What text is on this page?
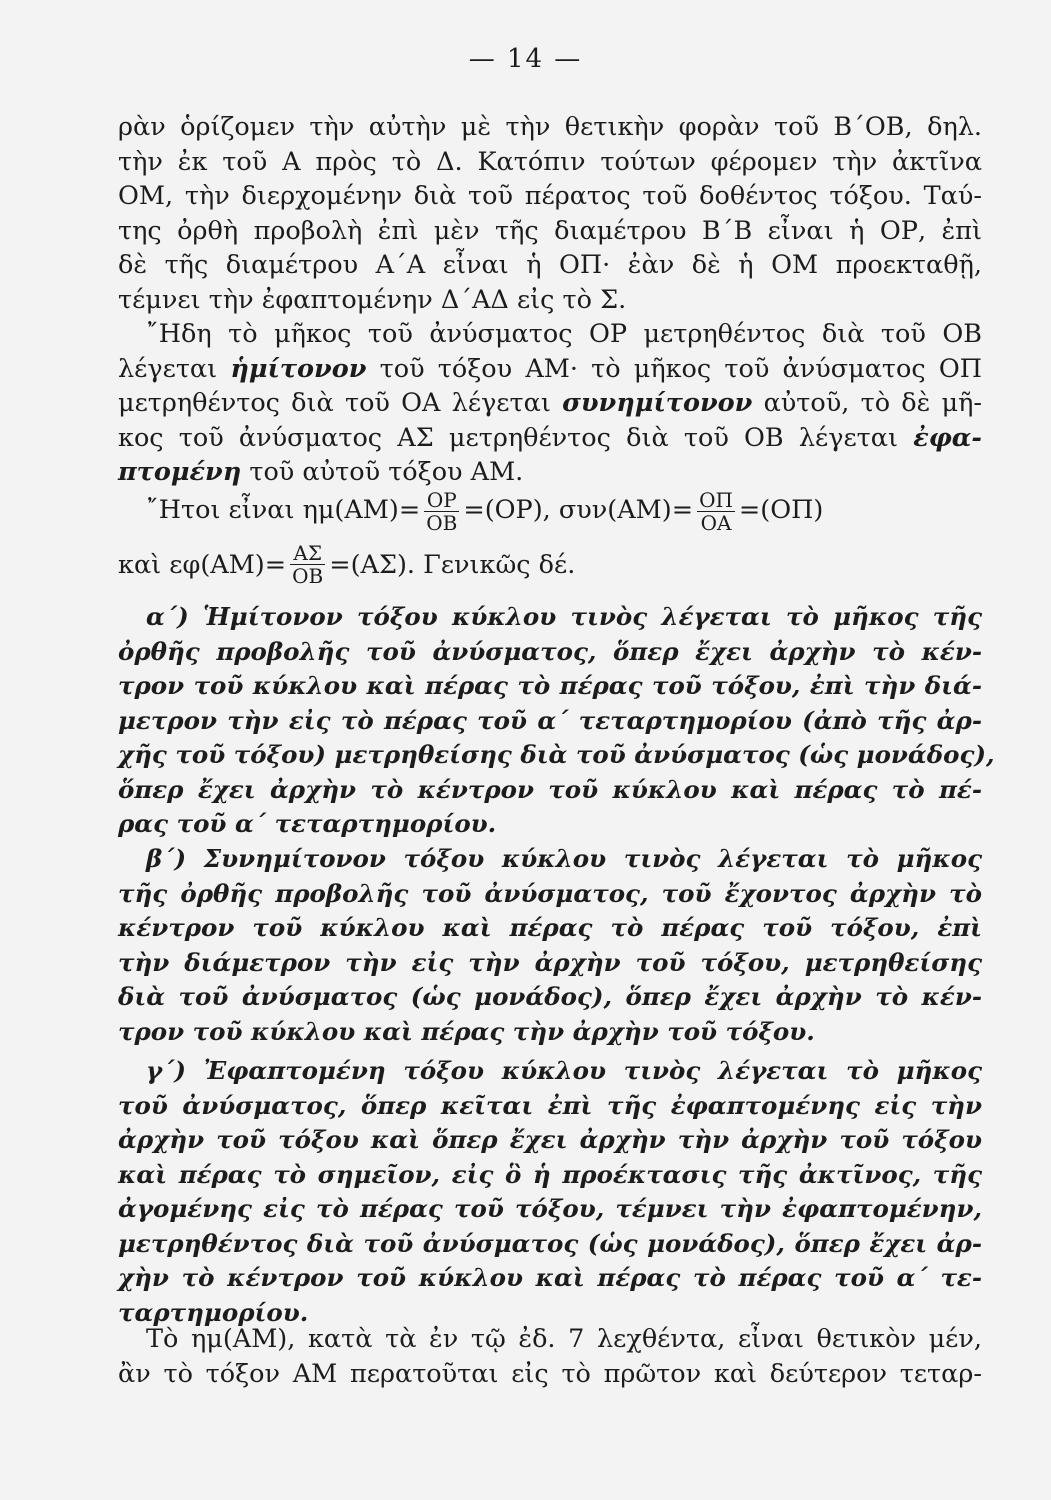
— 14 —
ρὰν ὁρίζομεν τὴν αὐτὴν μὲ τὴν θετικὴν φορὰν τοῦ Β΄ΟΒ, δηλ.
τὴν ἐκ τοῦ Α πρὸς τὸ Δ. Κατόπιν τούτων φέρομεν τὴν ἀκτῖνα
ΟΜ, τὴν διερχομένην διὰ τοῦ πέρατος τοῦ δοθέντος τόξου. Ταύ-
της ὀρθὴ προβολὴ ἐπὶ μὲν τῆς διαμέτρου Β΄Β εἶναι ἡ ΟΡ, ἐπὶ
δὲ τῆς διαμέτρου Α΄Α εἶναι ἡ ΟΠ· ἐὰν δὲ ἡ ΟΜ προεκταθῇ,
τέμνει τὴν ἐφαπτομένην Δ΄ΑΔ εἰς τὸ Σ.
῎Ηδη τὸ μῆκος τοῦ ἀνύσματος ΟΡ μετρηθέντος διὰ τοῦ ΟΒ
λέγεται ἡμίτονον τοῦ τόξου ΑΜ· τὸ μῆκος τοῦ ἀνύσματος ΟΠ
μετρηθέντος διὰ τοῦ ΟΑ λέγεται συνημίτονον αὐτοῦ, τὸ δὲ μῆ-
κος τοῦ ἀνύσματος ΑΣ μετρηθέντος διὰ τοῦ ΟΒ λέγεται ἐφα-
πτομένη τοῦ αὐτοῦ τόξου ΑΜ.
῎Ητοι εἶναι $\eta\mu(AM)= \frac{OP}{OB} =(OP)$, $\sigma\upsilon\nu(AM)= \frac{O\Pi}{OA} =(O\Pi)$
καὶ $\varepsilon\varphi(AM)= \frac{A\Sigma}{OB} =(A\Sigma)$. Γενικῶς δέ.
α΄) Ἡμίτονον τόξου κύκλου τινὸς λέγεται τὸ μῆκος τῆς
ὀρθῆς προβολῆς τοῦ ἀνύσματος, ὅπερ ἔχει ἀρχὴν τὸ κέν-
τρον τοῦ κύκλου καὶ πέρας τὸ πέρας τοῦ τόξου, ἐπὶ τὴν διά-
μετρον τὴν εἰς τὸ πέρας τοῦ α΄ τεταρτημορίου (ἀπὸ τῆς ἀρ-
χῆς τοῦ τόξου) μετρηθείσης διὰ τοῦ ἀνύσματος (ὡς μονάδος),
ὅπερ ἔχει ἀρχὴν τὸ κέντρον τοῦ κύκλου καὶ πέρας τὸ πέ-
ρας τοῦ α΄ τεταρτημορίου.
β΄) Συνημίτονον τόξου κύκλου τινὸς λέγεται τὸ μῆκος
τῆς ὀρθῆς προβολῆς τοῦ ἀνύσματος, τοῦ ἔχοντος ἀρχὴν τὸ
κέντρον τοῦ κύκλου καὶ πέρας τὸ πέρας τοῦ τόξου, ἐπὶ
τὴν διάμετρον τὴν εἰς τὴν ἀρχὴν τοῦ τόξου, μετρηθείσης
διὰ τοῦ ἀνύσματος (ὡς μονάδος), ὅπερ ἔχει ἀρχὴν τὸ κέν-
τρον τοῦ κύκλου καὶ πέρας τὴν ἀρχὴν τοῦ τόξου.
γ΄) Ἐφαπτομένη τόξου κύκλου τινὸς λέγεται τὸ μῆκος
τοῦ ἀνύσματος, ὅπερ κεῖται ἐπὶ τῆς ἐφαπτομένης εἰς τὴν
ἀρχὴν τοῦ τόξου καὶ ὅπερ ἔχει ἀρχὴν τὴν ἀρχὴν τοῦ τόξου
καὶ πέρας τὸ σημεῖον, εἰς ὃ ἡ προέκτασις τῆς ἀκτῖνος, τῆς
ἀγομένης εἰς τὸ πέρας τοῦ τόξου, τέμνει τὴν ἐφαπτομένην,
μετρηθέντος διὰ τοῦ ἀνύσματος (ὡς μονάδος), ὅπερ ἔχει ἀρ-
χὴν τὸ κέντρον τοῦ κύκλου καὶ πέρας τὸ πέρας τοῦ α΄ τε-
ταρτημορίου.
Τὸ ημ(ΑΜ), κατὰ τὰ ἐν τῷ ἐδ. 7 λεχθέντα, εἶναι θετικὸν μέν,
ἂν τὸ τόξον ΑΜ περατοῦται εἰς τὸ πρῶτον καὶ δεύτερον τεταρ-
